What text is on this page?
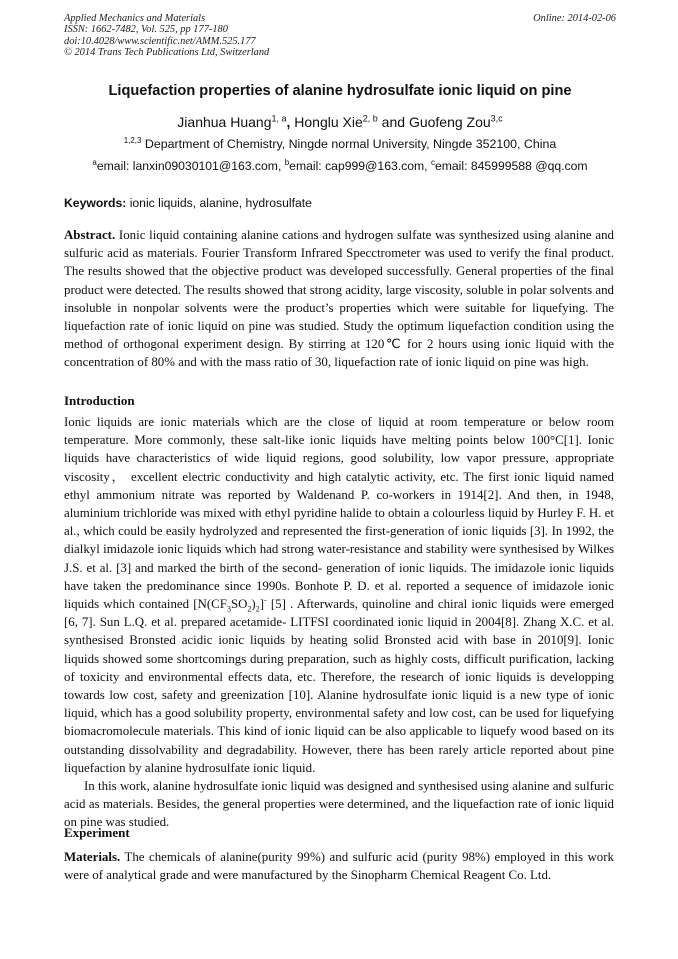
Applied Mechanics and Materials
ISSN: 1662-7482, Vol. 525, pp 177-180
doi:10.4028/www.scientific.net/AMM.525.177
© 2014 Trans Tech Publications Ltd, Switzerland
Online: 2014-02-06
Liquefaction properties of alanine hydrosulfate ionic liquid on pine
Jianhua Huang$^{1, a}$, Honglu Xie$^{2, b}$ and Guofeng Zou$^{3,c}$
$^{1,2,3}$ Department of Chemistry, Ningde normal University, Ningde 352100, China
$^a$email: lanxin09030101@163.com, $^b$email: cap999@163.com, $^c$email: 845999588 @qq.com
Keywords: ionic liquids, alanine, hydrosulfate
Abstract. Ionic liquid containing alanine cations and hydrogen sulfate was synthesized using alanine and sulfuric acid as materials. Fourier Transform Infrared Specctrometer was used to verify the final product. The results showed that the objective product was developed successfully. General properties of the final product were detected. The results showed that strong acidity, large viscosity, soluble in polar solvents and insoluble in nonpolar solvents were the product’s properties which were suitable for liquefying. The liquefaction rate of ionic liquid on pine was studied. Study the optimum liquefaction condition using the method of orthogonal experiment design. By stirring at 120℃ for 2 hours using ionic liquid with the concentration of 80% and with the mass ratio of 30, liquefaction rate of ionic liquid on pine was high.
Introduction
Ionic liquids are ionic materials which are the close of liquid at room temperature or below room temperature. More commonly, these salt-like ionic liquids have melting points below 100°C[1]. Ionic liquids have characteristics of wide liquid regions, good solubility, low vapor pressure, appropriate viscosity， excellent electric conductivity and high catalytic activity, etc. The first ionic liquid named ethyl ammonium nitrate was reported by Waldenand P. co-workers in 1914[2]. And then, in 1948, aluminium trichloride was mixed with ethyl pyridine halide to obtain a colourless liquid by Hurley F. H. et al., which could be easily hydrolyzed and represented the first-generation of ionic liquids [3]. In 1992, the dialkyl imidazole ionic liquids which had strong water-resistance and stability were synthesised by Wilkes J.S. et al. [3] and marked the birth of the second- generation of ionic liquids. The imidazole ionic liquids have taken the predominance since 1990s. Bonhote P. D. et al. reported a sequence of imidazole ionic liquids which contained $[N(CF_3SO_2)_2]^-$ [5] . Afterwards, quinoline and chiral ionic liquids were emerged [6, 7]. Sun L.Q. et al. prepared acetamide- LITFSI coordinated ionic liquid in 2004[8]. Zhang X.C. et al. synthesised Bronsted acidic ionic liquids by heating solid Bronsted acid with base in 2010[9]. Ionic liquids showed some shortcomings during preparation, such as highly costs, difficult purification, lacking of toxicity and environmental effects data, etc. Therefore, the research of ionic liquids is developping towards low cost, safety and greenization [10]. Alanine hydrosulfate ionic liquid is a new type of ionic liquid, which has a good solubility property, environmental safety and low cost, can be used for liquefying biomacromolecule materials. This kind of ionic liquid can be also applicable to liquefy wood based on its outstanding dissolvability and degradability. However, there has been rarely article reported about pine liquefaction by alanine hydrosulfate ionic liquid.
In this work, alanine hydrosulfate ionic liquid was designed and synthesised using alanine and sulfuric acid as materials. Besides, the general properties were determined, and the liquefaction rate of ionic liquid on pine was studied.
Experiment
Materials. The chemicals of alanine(purity 99%) and sulfuric acid (purity 98%) employed in this work were of analytical grade and were manufactured by the Sinopharm Chemical Reagent Co. Ltd.
